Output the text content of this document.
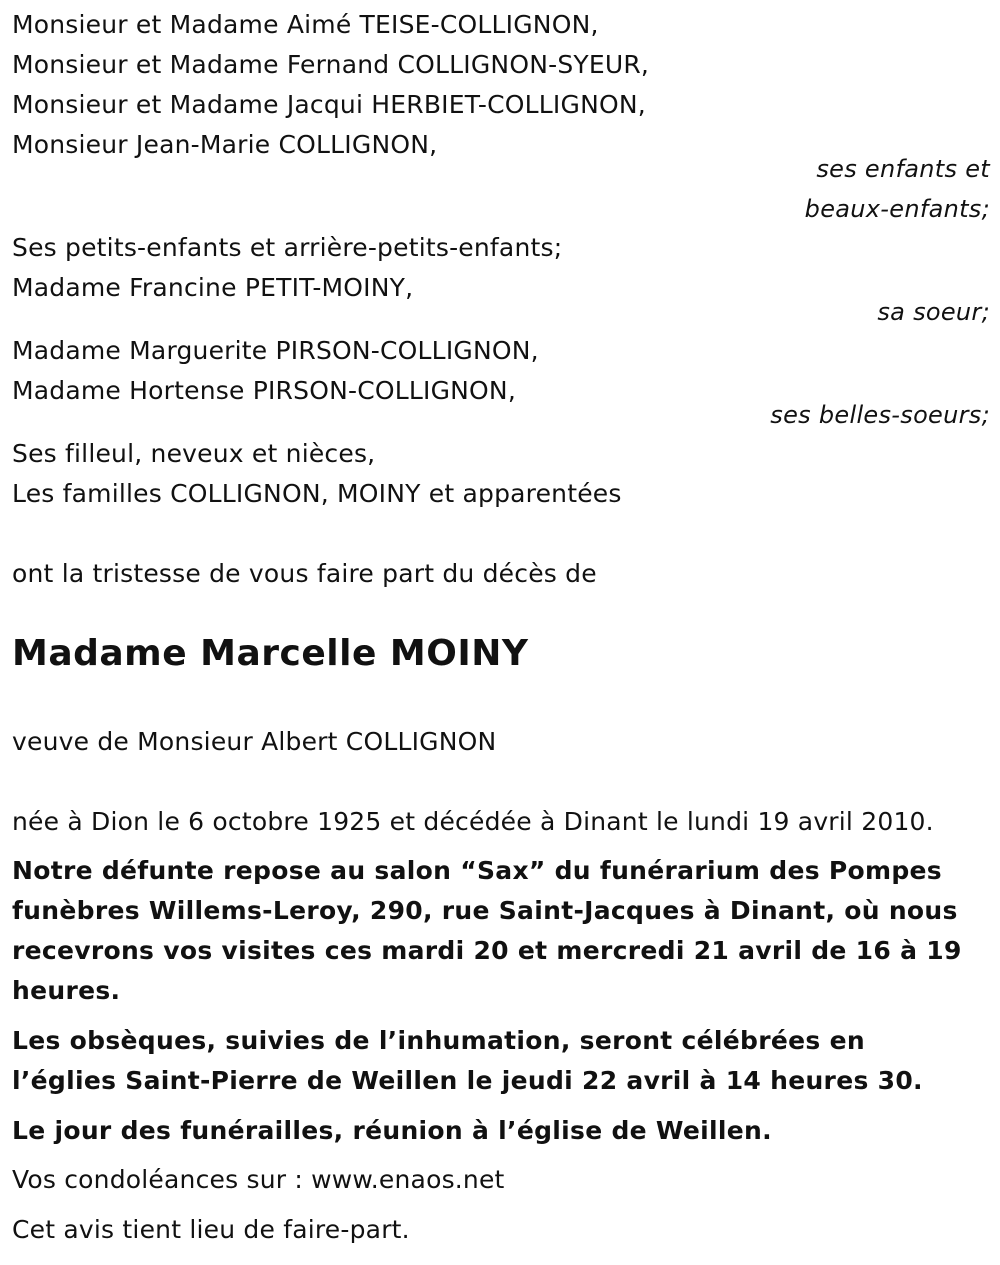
Monsieur et Madame Aimé TEISE-COLLIGNON,
Monsieur et Madame Fernand COLLIGNON-SYEUR,
Monsieur et Madame Jacqui HERBIET-COLLIGNON,
Monsieur Jean-Marie COLLIGNON,
ses enfants et
beaux-enfants;
Ses petits-enfants et arrière-petits-enfants;
Madame Francine PETIT-MOINY,
sa soeur;
Madame Marguerite PIRSON-COLLIGNON,
Madame Hortense PIRSON-COLLIGNON,
ses belles-soeurs;
Ses filleul, neveux et nièces,
Les familles COLLIGNON, MOINY et apparentées
ont la tristesse de vous faire part du décès de
Madame Marcelle MOINY
veuve de Monsieur Albert COLLIGNON
née à Dion le 6 octobre 1925 et décédée à Dinant le lundi 19 avril 2010.
Notre défunte repose au salon “Sax” du funérarium des Pompes funèbres Willems-Leroy, 290, rue Saint-Jacques à Dinant, où nous recevrons vos visites ces mardi 20 et mercredi 21 avril de 16 à 19 heures.
Les obsèques, suivies de l’inhumation, seront célébrées en l’églies Saint-Pierre de Weillen le jeudi 22 avril à 14 heures 30.
Le jour des funérailles, réunion à l’église de Weillen.
Vos condoléances sur : www.enaos.net
Cet avis tient lieu de faire-part.
